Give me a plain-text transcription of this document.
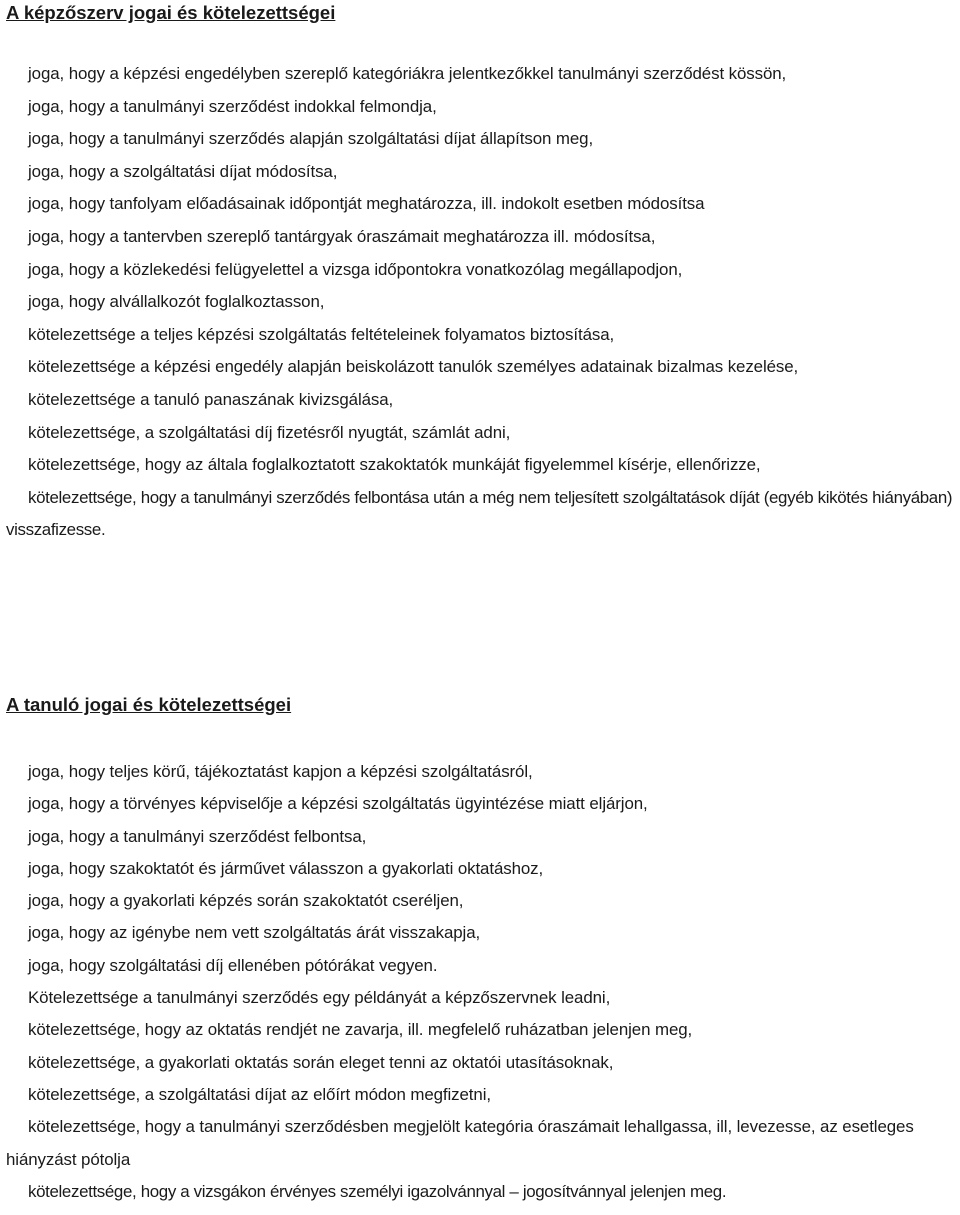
A képzőszerv jogai és kötelezettségei
joga, hogy a képzési engedélyben szereplő kategóriákra jelentkezőkkel tanulmányi szerződést kössön,
joga, hogy a tanulmányi szerződést indokkal felmondja,
joga, hogy a tanulmányi szerződés alapján szolgáltatási díjat állapítson meg,
joga, hogy a szolgáltatási díjat módosítsa,
joga, hogy tanfolyam előadásainak időpontját meghatározza, ill. indokolt esetben módosítsa
joga, hogy a tantervben szereplő tantárgyak óraszámait meghatározza ill. módosítsa,
joga, hogy a közlekedési felügyelettel a vizsga időpontokra vonatkozólag megállapodjon,
joga, hogy alvállalkozót foglalkoztasson,
kötelezettsége a teljes képzési szolgáltatás feltételeinek folyamatos biztosítása,
kötelezettsége a képzési engedély alapján beiskolázott tanulók személyes adatainak bizalmas kezelése,
kötelezettsége a tanuló panaszának kivizsgálása,
kötelezettsége, a szolgáltatási díj fizetésről nyugtát, számlát adni,
kötelezettsége, hogy az általa foglalkoztatott szakoktatók munkáját figyelemmel kísérje, ellenőrizze,
kötelezettsége, hogy a tanulmányi szerződés felbontása után a még nem teljesített szolgáltatások díját (egyéb kikötés hiányában) visszafizesse.
A tanuló jogai és kötelezettségei
joga, hogy teljes körű, tájékoztatást kapjon a képzési szolgáltatásról,
joga, hogy a törvényes képviselője a képzési szolgáltatás ügyintézése miatt eljárjon,
joga, hogy a tanulmányi szerződést felbontsa,
joga, hogy szakoktatót és járművet válasszon a gyakorlati oktatáshoz,
joga, hogy a gyakorlati képzés során szakoktatót cseréljen,
joga, hogy az igénybe nem vett szolgáltatás árát visszakapja,
joga, hogy szolgáltatási díj ellenében pótórákat vegyen.
Kötelezettsége a tanulmányi szerződés egy példányát a képzőszervnek leadni,
kötelezettsége, hogy az oktatás rendjét ne zavarja, ill. megfelelő ruházatban jelenjen meg,
kötelezettsége, a gyakorlati oktatás során eleget tenni az oktatói utasításoknak,
kötelezettsége, a szolgáltatási díjat az előírt módon megfizetni,
kötelezettsége, hogy a tanulmányi szerződésben megjelölt kategória óraszámait lehallgassa, ill, levezesse, az esetleges hiányzást pótolja
kötelezettsége, hogy a vizsgákon érvényes személyi igazolvánnyal – jogosítvánnyal jelenjen meg.
